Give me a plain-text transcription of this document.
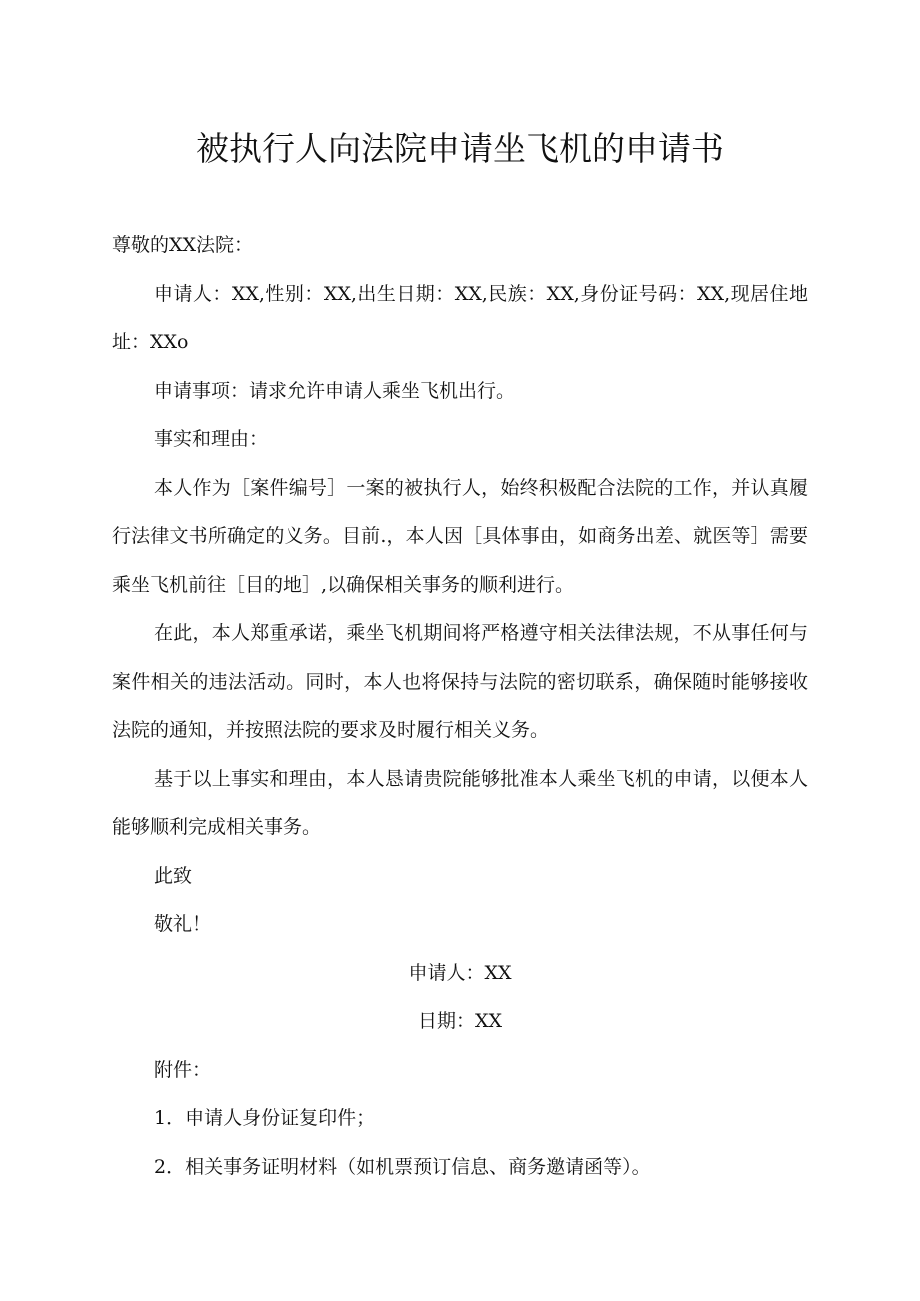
被执行人向法院申请坐飞机的申请书

尊敬的XX法院：

申请人：XX,性别：XX,出生日期：XX,民族：XX,身份证号码：XX,现居住地址：XXo

申请事项：请求允许申请人乘坐飞机出行。

事实和理由：

本人作为［案件编号］一案的被执行人，始终积极配合法院的工作，并认真履行法律文书所确定的义务。目前.，本人因［具体事由，如商务出差、就医等］需要乘坐飞机前往［目的地］,以确保相关事务的顺利进行。

在此，本人郑重承诺，乘坐飞机期间将严格遵守相关法律法规，不从事任何与案件相关的违法活动。同时，本人也将保持与法院的密切联系，确保随时能够接收法院的通知，并按照法院的要求及时履行相关义务。

基于以上事实和理由，本人恳请贵院能够批准本人乘坐飞机的申请，以便本人能够顺利完成相关事务。

此致

敬礼！

申请人：XX

日期：XX

附件：

1．申请人身份证复印件；

2．相关事务证明材料（如机票预订信息、商务邀请函等）。
